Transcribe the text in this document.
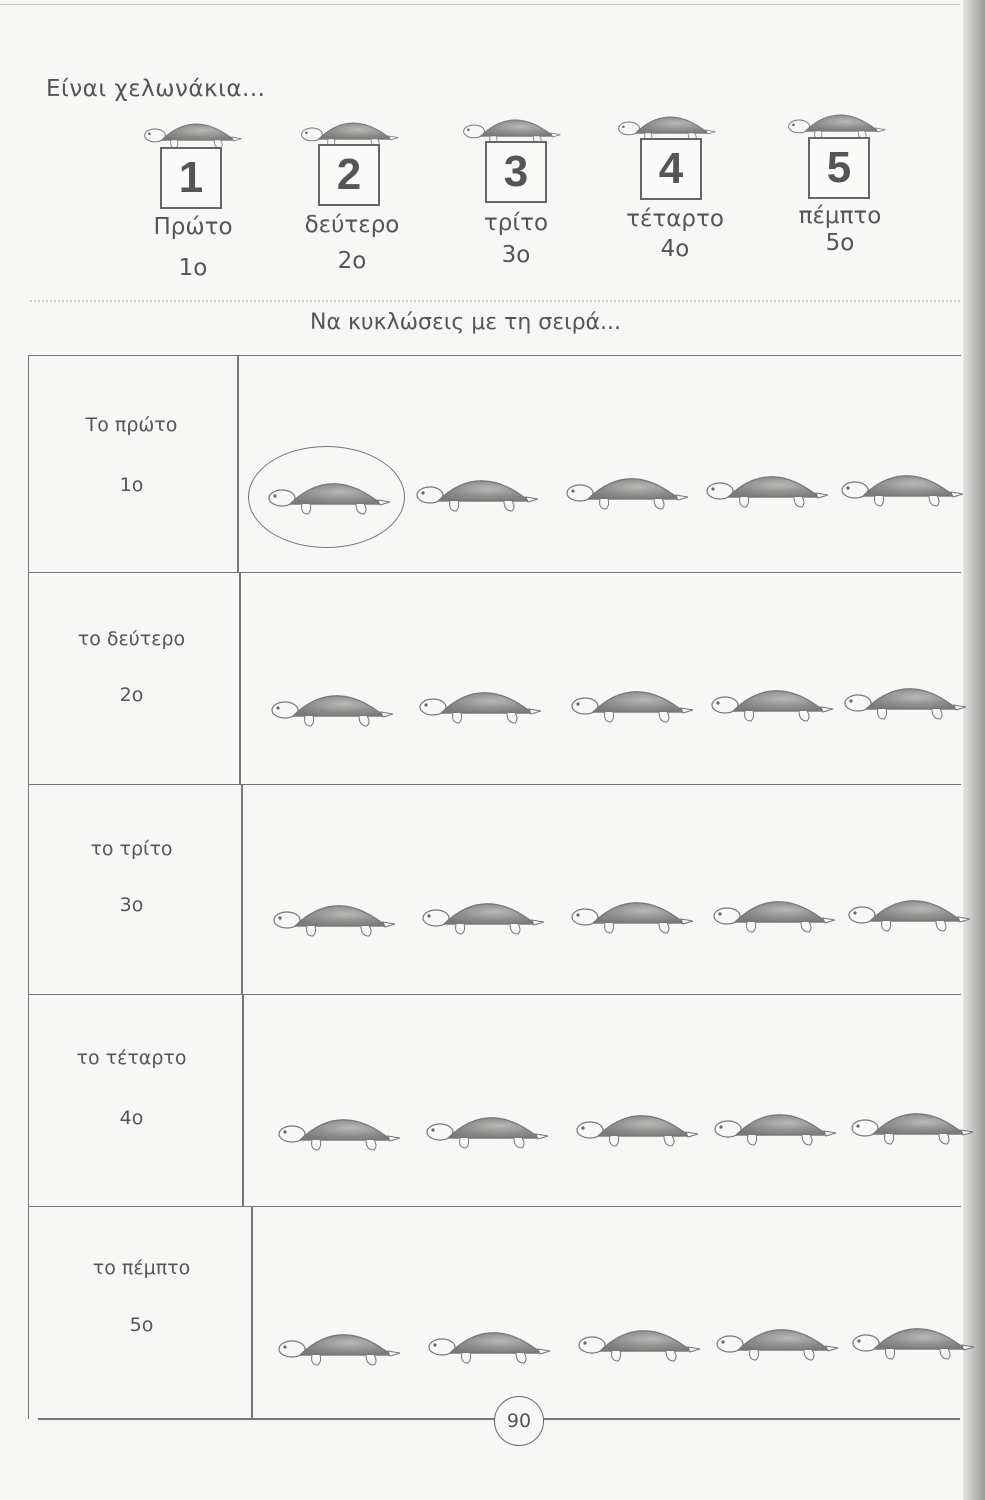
Είναι χελωνάκια...
1
Πρώτο
1ο
2
δεύτερο
2ο
3
τρίτο
3ο
4
τέταρτο
4ο
5
πέμπτο
5ο
Να κυκλώσεις με τη σειρά...
Το πρώτο
1ο
το δεύτερο
2ο
το τρίτο
3ο
το τέταρτο
4ο
το πέμπτο
5ο
90
